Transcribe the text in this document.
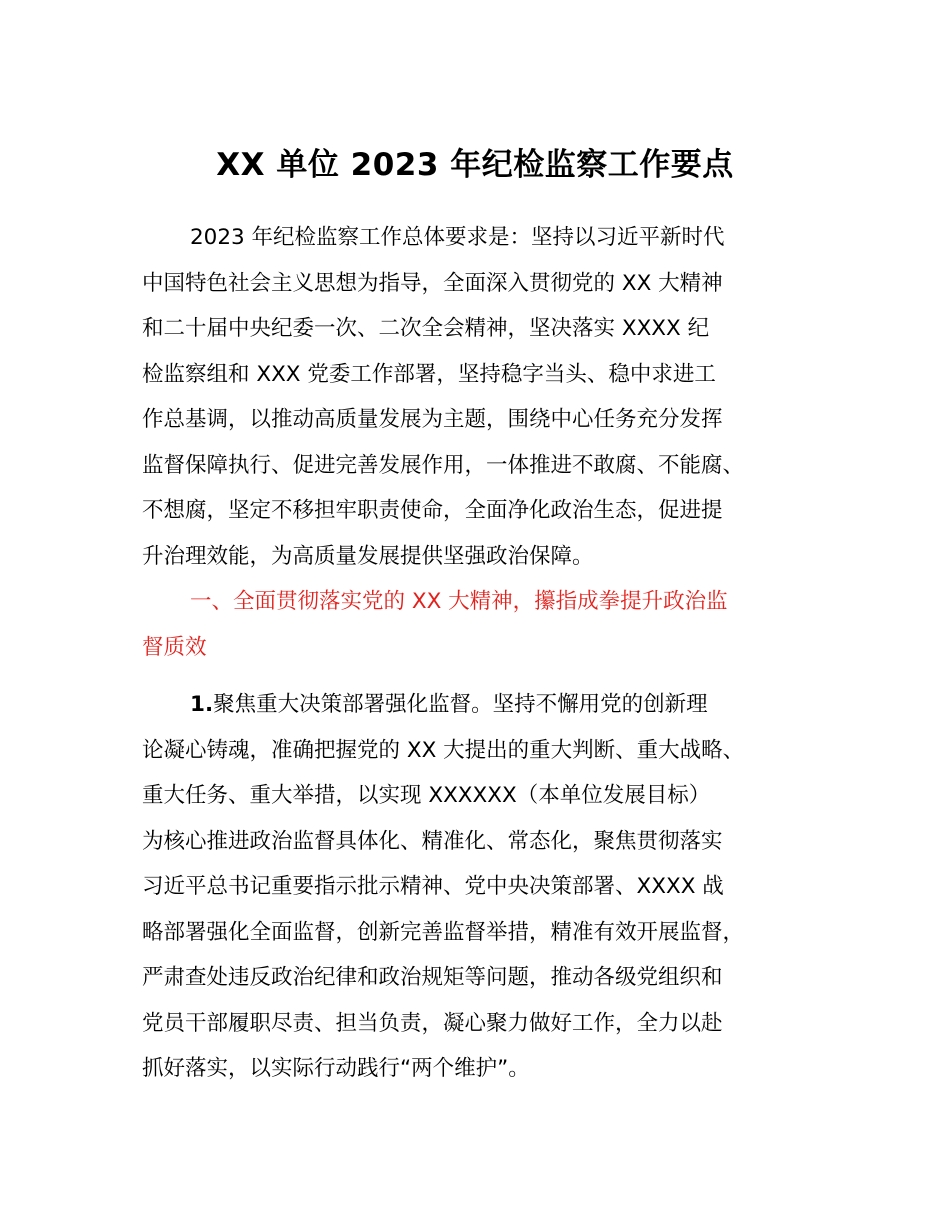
XX 单位 2023 年纪检监察工作要点
2023 年纪检监察工作总体要求是：坚持以习近平新时代
中国特色社会主义思想为指导，全面深入贯彻党的 XX 大精神
和二十届中央纪委一次、二次全会精神，坚决落实 XXXX 纪
检监察组和 XXX 党委工作部署，坚持稳字当头、稳中求进工
作总基调，以推动高质量发展为主题，围绕中心任务充分发挥
监督保障执行、促进完善发展作用，一体推进不敢腐、不能腐、
不想腐，坚定不移担牢职责使命，全面净化政治生态，促进提
升治理效能，为高质量发展提供坚强政治保障。
一、全面贯彻落实党的 XX 大精神，攥指成拳提升政治监
督质效
1.聚焦重大决策部署强化监督。坚持不懈用党的创新理
论凝心铸魂，准确把握党的 XX 大提出的重大判断、重大战略、
重大任务、重大举措，以实现 XXXXXX（本单位发展目标）
为核心推进政治监督具体化、精准化、常态化，聚焦贯彻落实
习近平总书记重要指示批示精神、党中央决策部署、XXXX 战
略部署强化全面监督，创新完善监督举措，精准有效开展监督，
严肃查处违反政治纪律和政治规矩等问题，推动各级党组织和
党员干部履职尽责、担当负责，凝心聚力做好工作，全力以赴
抓好落实，以实际行动践行“两个维护”。
